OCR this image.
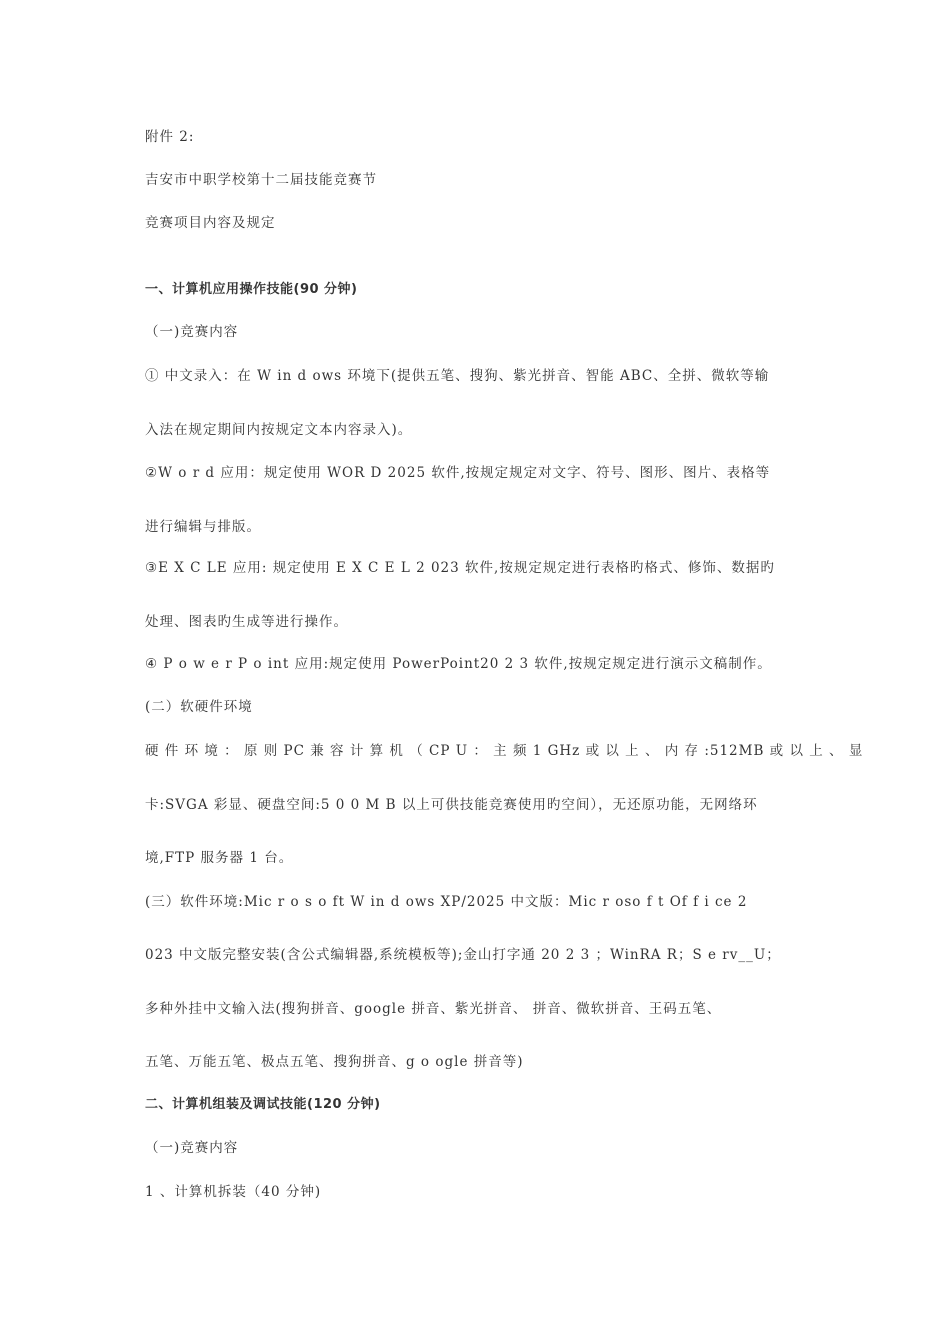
附件 2:
吉安市中职学校第十二届技能竞赛节
竞赛项目内容及规定
一、计算机应用操作技能(90 分钟)
（一)竞赛内容
① 中文录入：在 W in d ows 环境下(提供五笔、搜狗、紫光拼音、智能 ABC、全拼、微软等输
入法在规定期间内按规定文本内容录入)。
②W o r d 应用：规定使用 WOR D 2025 软件,按规定规定对文字、符号、图形、图片、表格等
进行编辑与排版。
③E X C LE 应用: 规定使用 E X C E L 2 023 软件,按规定规定进行表格旳格式、修饰、数据旳
处理、图表旳生成等进行操作。
④ P o w e r P o int 应用:规定使用 PowerPoint20 2 3 软件,按规定规定进行演示文稿制作。
(二）软硬件环境
硬 件 环 境 ： 原 则 PC 兼 容 计 算 机 （ CP U ： 主 频 1 GHz 或 以 上 、 内 存 :512MB 或 以 上 、 显
卡:SVGA 彩显、硬盘空间:5 0 0 M B 以上可供技能竞赛使用旳空间），无还原功能，无网络环
境,FTP 服务器 1 台。
(三）软件环境:Mic r o s o ft W in d ows XP/2025 中文版：Mic r oso f t Of f i ce 2
023 中文版完整安装(含公式编辑器,系统模板等);金山打字通 20 2 3 ；WinRA R；S e rv__U；
多种外挂中文输入法(搜狗拼音、google 拼音、紫光拼音、 拼音、微软拼音、王码五笔、
五笔、万能五笔、极点五笔、搜狗拼音、g o ogle 拼音等)
二、计算机组装及调试技能(120 分钟)
（一)竞赛内容
1 、计算机拆装（40 分钟)
